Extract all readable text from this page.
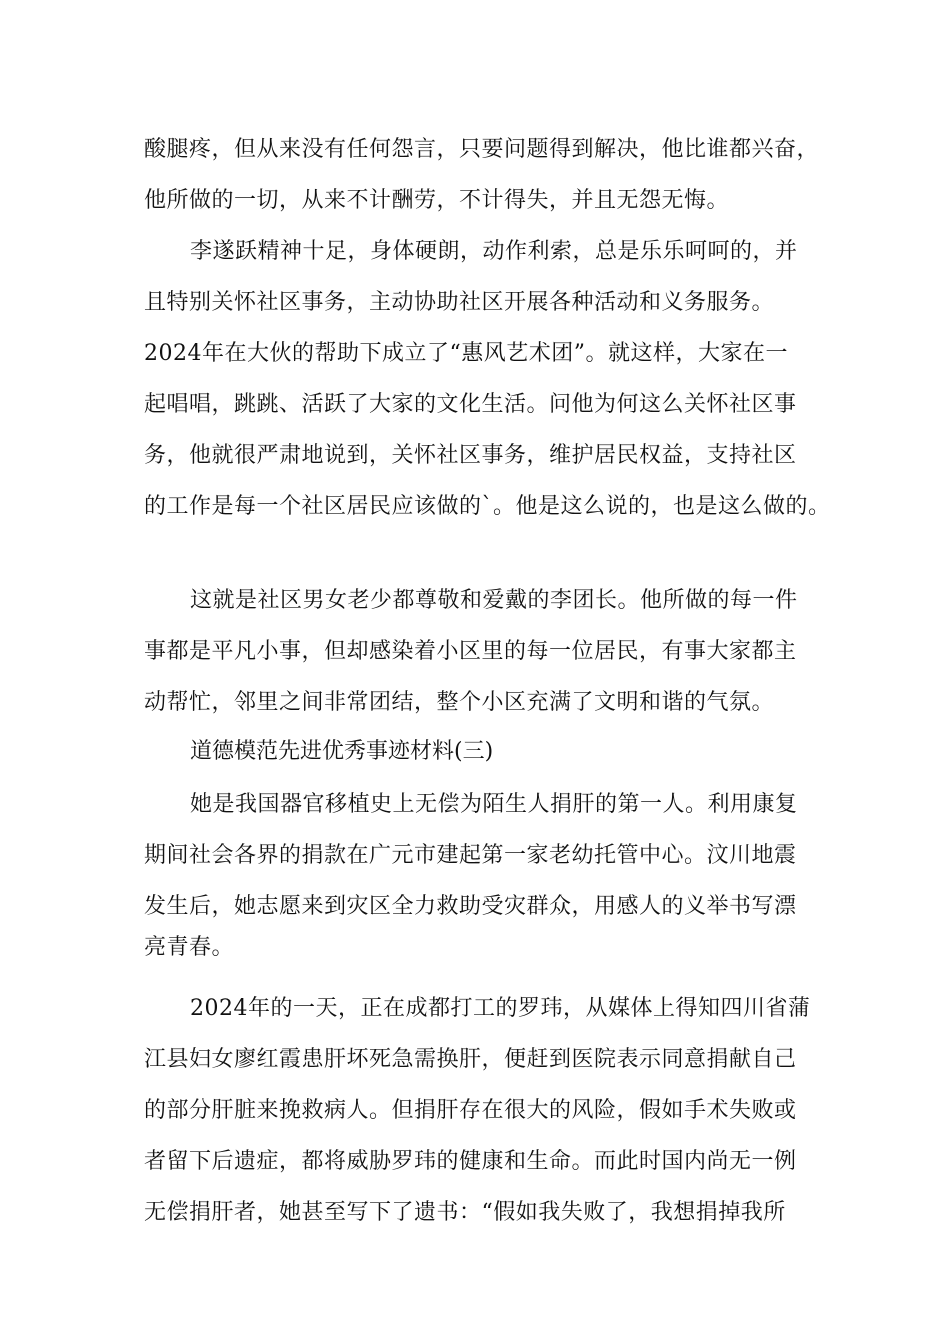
酸腿疼，但从来没有任何怨言，只要问题得到解决，他比谁都兴奋，
他所做的一切，从来不计酬劳，不计得失，并且无怨无悔。
李遂跃精神十足，身体硬朗，动作利索，总是乐乐呵呵的，并
且特别关怀社区事务，主动协助社区开展各种活动和义务服务。
2024年在大伙的帮助下成立了“惠风艺术团”。就这样，大家在一
起唱唱，跳跳、活跃了大家的文化生活。问他为何这么关怀社区事
务，他就很严肃地说到，关怀社区事务，维护居民权益，支持社区
的工作是每一个社区居民应该做的`。他是这么说的，也是这么做的。
这就是社区男女老少都尊敬和爱戴的李团长。他所做的每一件
事都是平凡小事，但却感染着小区里的每一位居民，有事大家都主
动帮忙，邻里之间非常团结，整个小区充满了文明和谐的气氛。
道德模范先进优秀事迹材料(三)
她是我国器官移植史上无偿为陌生人捐肝的第一人。利用康复
期间社会各界的捐款在广元市建起第一家老幼托管中心。汶川地震
发生后，她志愿来到灾区全力救助受灾群众，用感人的义举书写漂
亮青春。
2024年的一天，正在成都打工的罗玮，从媒体上得知四川省蒲
江县妇女廖红霞患肝坏死急需换肝，便赶到医院表示同意捐献自己
的部分肝脏来挽救病人。但捐肝存在很大的风险，假如手术失败或
者留下后遗症，都将威胁罗玮的健康和生命。而此时国内尚无一例
无偿捐肝者，她甚至写下了遗书：“假如我失败了，我想捐掉我所
